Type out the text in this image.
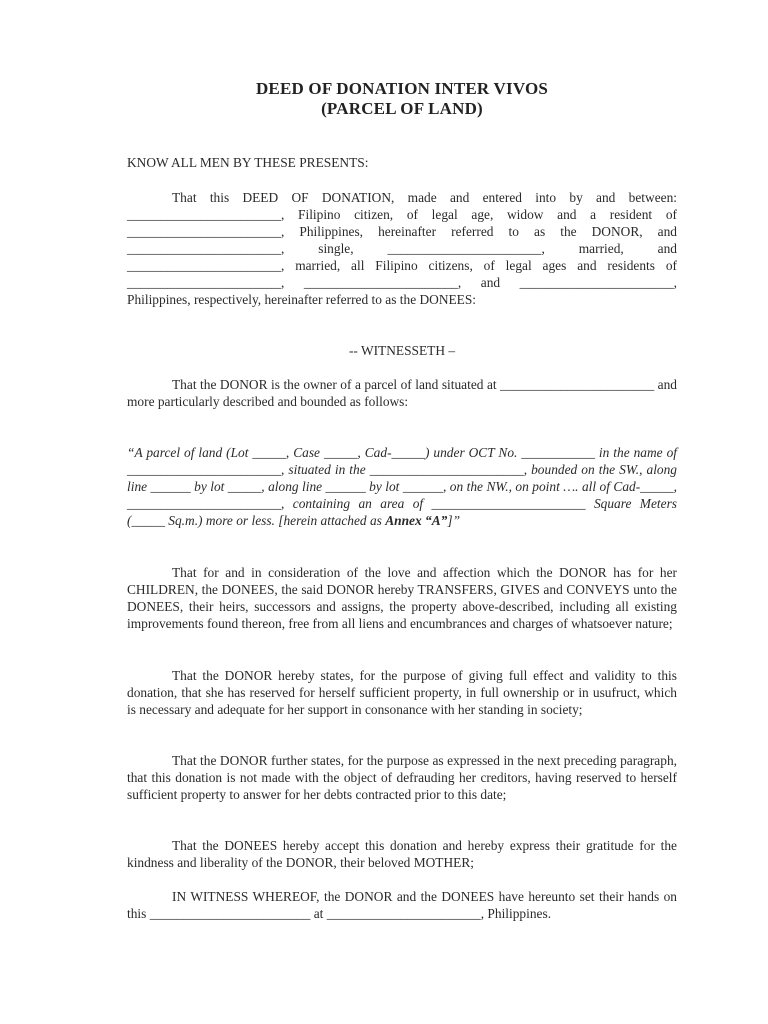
DEED OF DONATION INTER VIVOS
(PARCEL OF LAND)
KNOW ALL MEN BY THESE PRESENTS:
That this DEED OF DONATION, made and entered into by and between: _______________________, Filipino citizen, of legal age, widow and a resident of _______________________, Philippines, hereinafter referred to as the DONOR, and _______________________, single, _______________________, married, and _______________________, married, all Filipino citizens, of legal ages and residents of _______________________, _______________________, and _______________________, Philippines, respectively, hereinafter referred to as the DONEES:
-- WITNESSETH –
That the DONOR is the owner of a parcel of land situated at _______________________ and more particularly described and bounded as follows:
“A parcel of land (Lot _____, Case _____, Cad-_____) under OCT No. ___________ in the name of _______________________, situated in the _______________________, bounded on the SW., along line ______ by lot _____, along line ______ by lot ______, on the NW., on point …. all of Cad-_____, _______________________, containing an area of _______________________ Square Meters (_____ Sq.m.) more or less. [herein attached as Annex “A”]”
That for and in consideration of the love and affection which the DONOR has for her CHILDREN, the DONEES, the said DONOR hereby TRANSFERS, GIVES and CONVEYS unto the DONEES, their heirs, successors and assigns, the property above-described, including all existing improvements found thereon, free from all liens and encumbrances and charges of whatsoever nature;
That the DONOR hereby states, for the purpose of giving full effect and validity to this donation, that she has reserved for herself sufficient property, in full ownership or in usufruct, which is necessary and adequate for her support in consonance with her standing in society;
That the DONOR further states, for the purpose as expressed in the next preceding paragraph, that this donation is not made with the object of defrauding her creditors, having reserved to herself sufficient property to answer for her debts contracted prior to this date;
That the DONEES hereby accept this donation and hereby express their gratitude for the kindness and liberality of the DONOR, their beloved MOTHER;
IN WITNESS WHEREOF, the DONOR and the DONEES have hereunto set their hands on this ________________________ at _______________________, Philippines.
